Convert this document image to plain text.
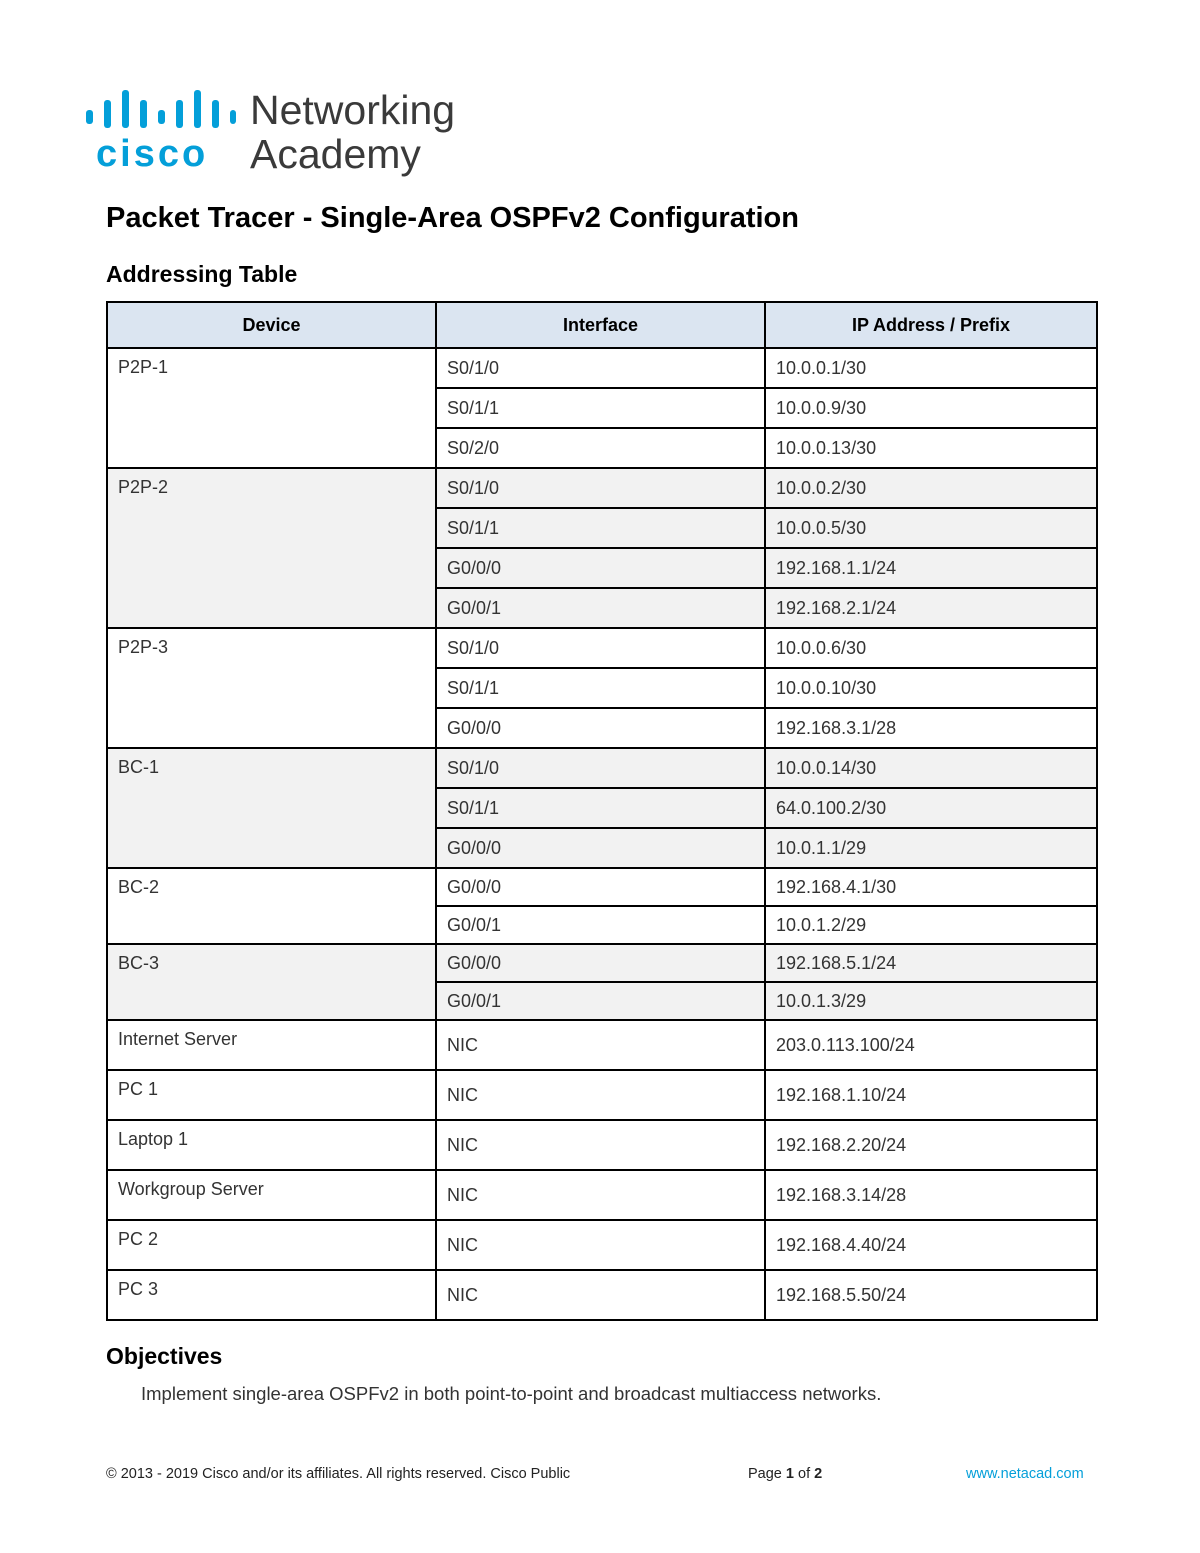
cisco
Networking
Academy
Packet Tracer - Single-Area OSPFv2 Configuration
Addressing Table
Device	Interface	IP Address / Prefix
P2P-1	S0/1/0	10.0.0.1/30
	S0/1/1	10.0.0.9/30
	S0/2/0	10.0.0.13/30
P2P-2	S0/1/0	10.0.0.2/30
	S0/1/1	10.0.0.5/30
	G0/0/0	192.168.1.1/24
	G0/0/1	192.168.2.1/24
P2P-3	S0/1/0	10.0.0.6/30
	S0/1/1	10.0.0.10/30
	G0/0/0	192.168.3.1/28
BC-1	S0/1/0	10.0.0.14/30
	S0/1/1	64.0.100.2/30
	G0/0/0	10.0.1.1/29
BC-2	G0/0/0	192.168.4.1/30
	G0/0/1	10.0.1.2/29
BC-3	G0/0/0	192.168.5.1/24
	G0/0/1	10.0.1.3/29
Internet Server	NIC	203.0.113.100/24
PC 1	NIC	192.168.1.10/24
Laptop 1	NIC	192.168.2.20/24
Workgroup Server	NIC	192.168.3.14/28
PC 2	NIC	192.168.4.40/24
PC 3	NIC	192.168.5.50/24
Objectives
Implement single-area OSPFv2 in both point-to-point and broadcast multiaccess networks.
© 2013 - 2019 Cisco and/or its affiliates. All rights reserved. Cisco Public	Page 1 of 2	www.netacad.com
